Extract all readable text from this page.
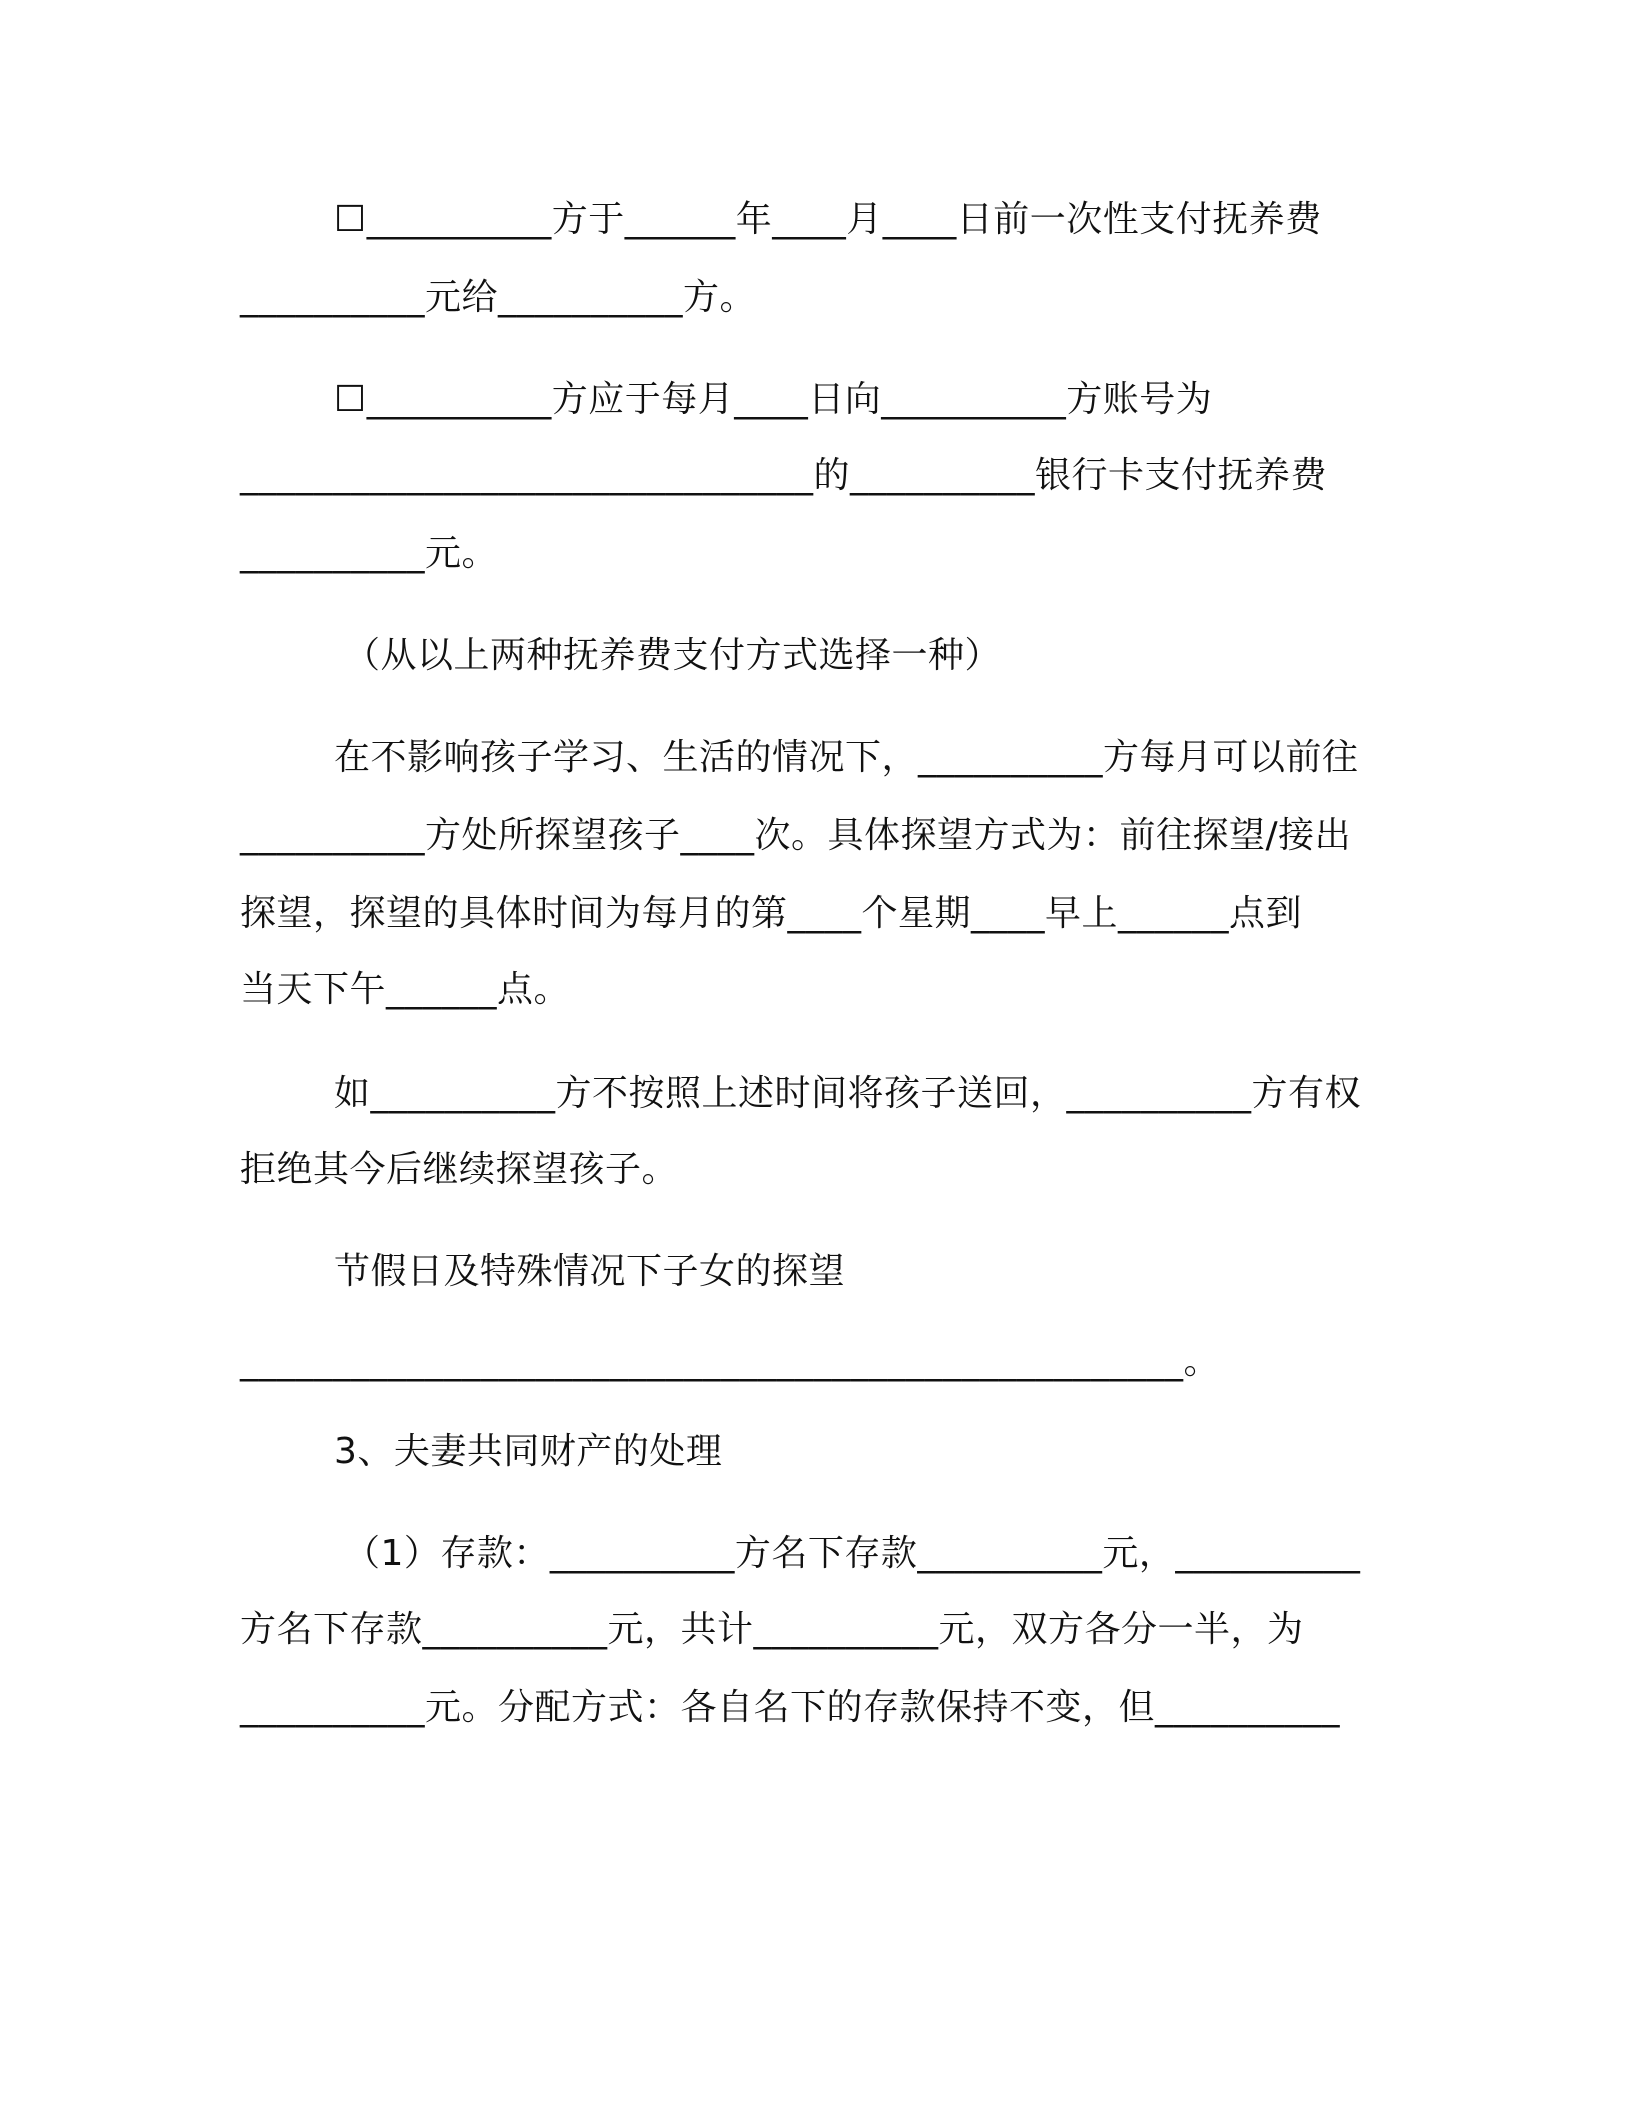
☐__________方于______年____月____日前一次性支付抚养费
__________元给__________方。
☐__________方应于每月____日向__________方账号为
_______________________________的__________银行卡支付抚养费
__________元。
（从以上两种抚养费支付方式选择一种）
在不影响孩子学习、生活的情况下，__________方每月可以前往
__________方处所探望孩子____次。具体探望方式为：前往探望/接出
探望，探望的具体时间为每月的第____个星期____早上______点到
当天下午______点。
如__________方不按照上述时间将孩子送回，__________方有权
拒绝其今后继续探望孩子。
节假日及特殊情况下子女的探望
___________________________________________________。
3、夫妻共同财产的处理
（1）存款：__________方名下存款__________元，__________
方名下存款__________元，共计__________元，双方各分一半，为
__________元。分配方式：各自名下的存款保持不变，但__________
